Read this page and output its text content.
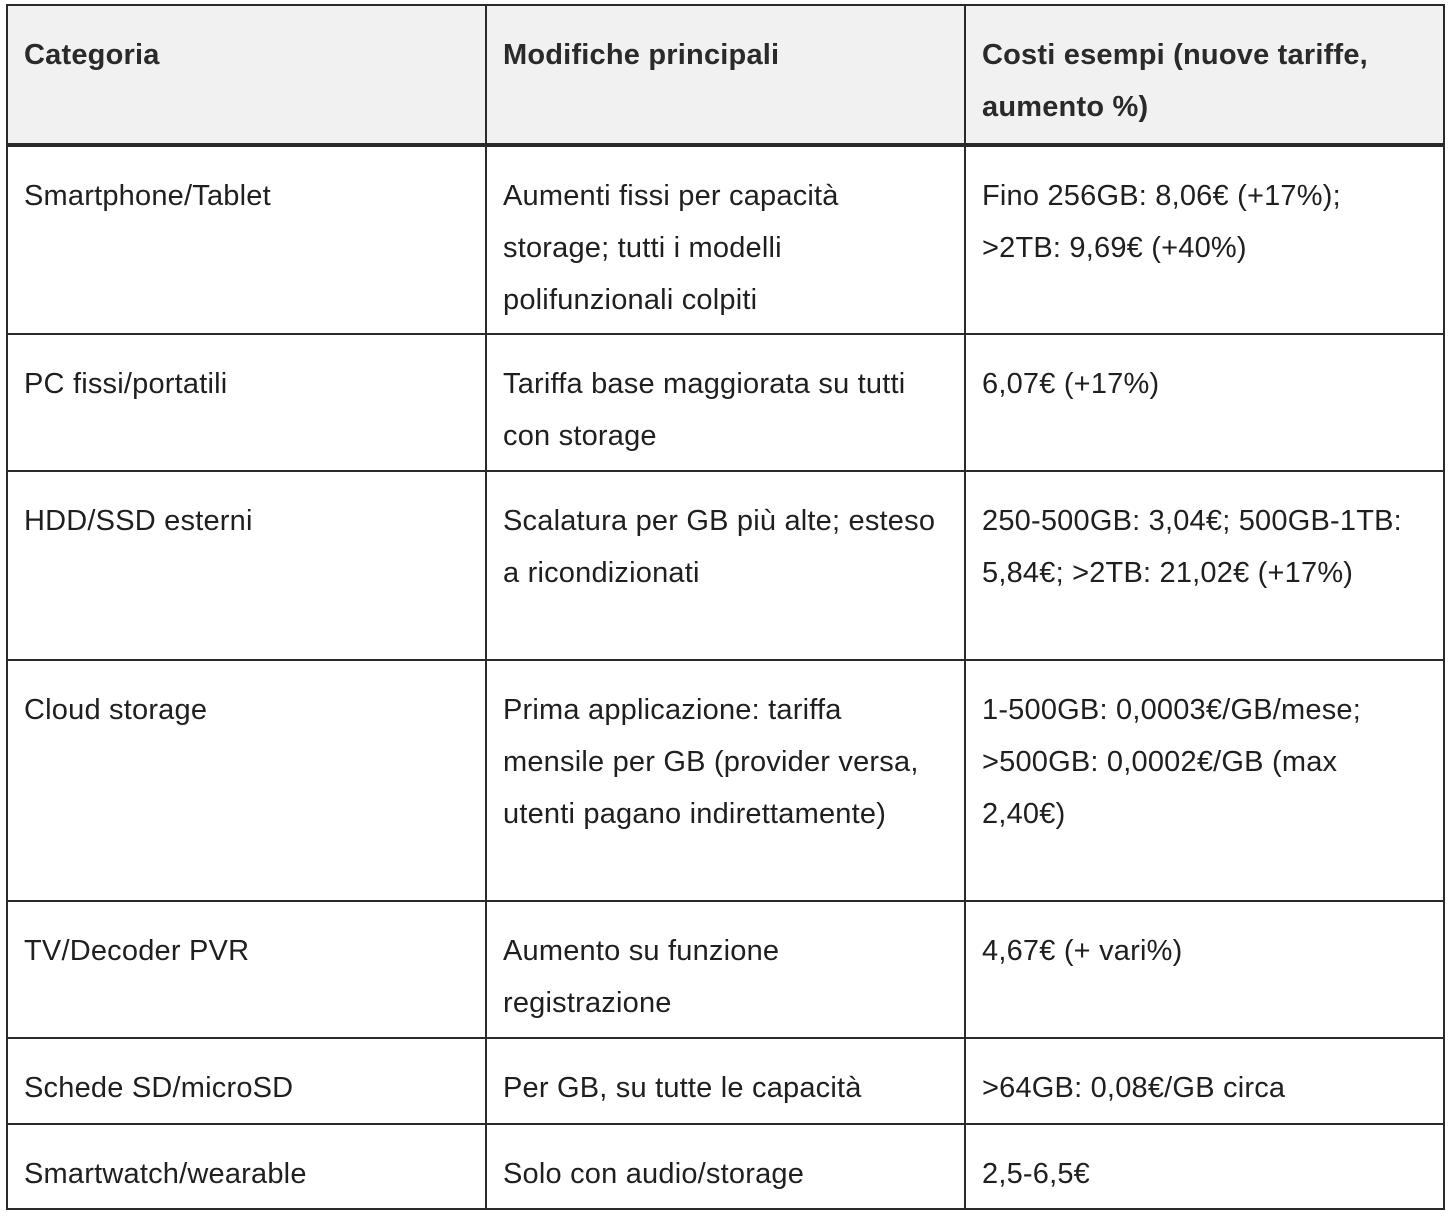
Categoria	Modifiche principali	Costi esempi (nuove tariffe, aumento %)
Smartphone/Tablet	Aumenti fissi per capacità storage; tutti i modelli polifunzionali colpiti	Fino 256GB: 8,06€ (+17%); >2TB: 9,69€ (+40%)
PC fissi/portatili	Tariffa base maggiorata su tutti con storage	6,07€ (+17%)
HDD/SSD esterni	Scalatura per GB più alte; esteso a ricondizionati	250-500GB: 3,04€; 500GB-1TB: 5,84€; >2TB: 21,02€ (+17%)
Cloud storage	Prima applicazione: tariffa mensile per GB (provider versa, utenti pagano indirettamente)	1-500GB: 0,0003€/GB/mese; >500GB: 0,0002€/GB (max 2,40€)
TV/Decoder PVR	Aumento su funzione registrazione	4,67€ (+ vari%)
Schede SD/microSD	Per GB, su tutte le capacità	>64GB: 0,08€/GB circa
Smartwatch/wearable	Solo con audio/storage	2,5-6,5€
